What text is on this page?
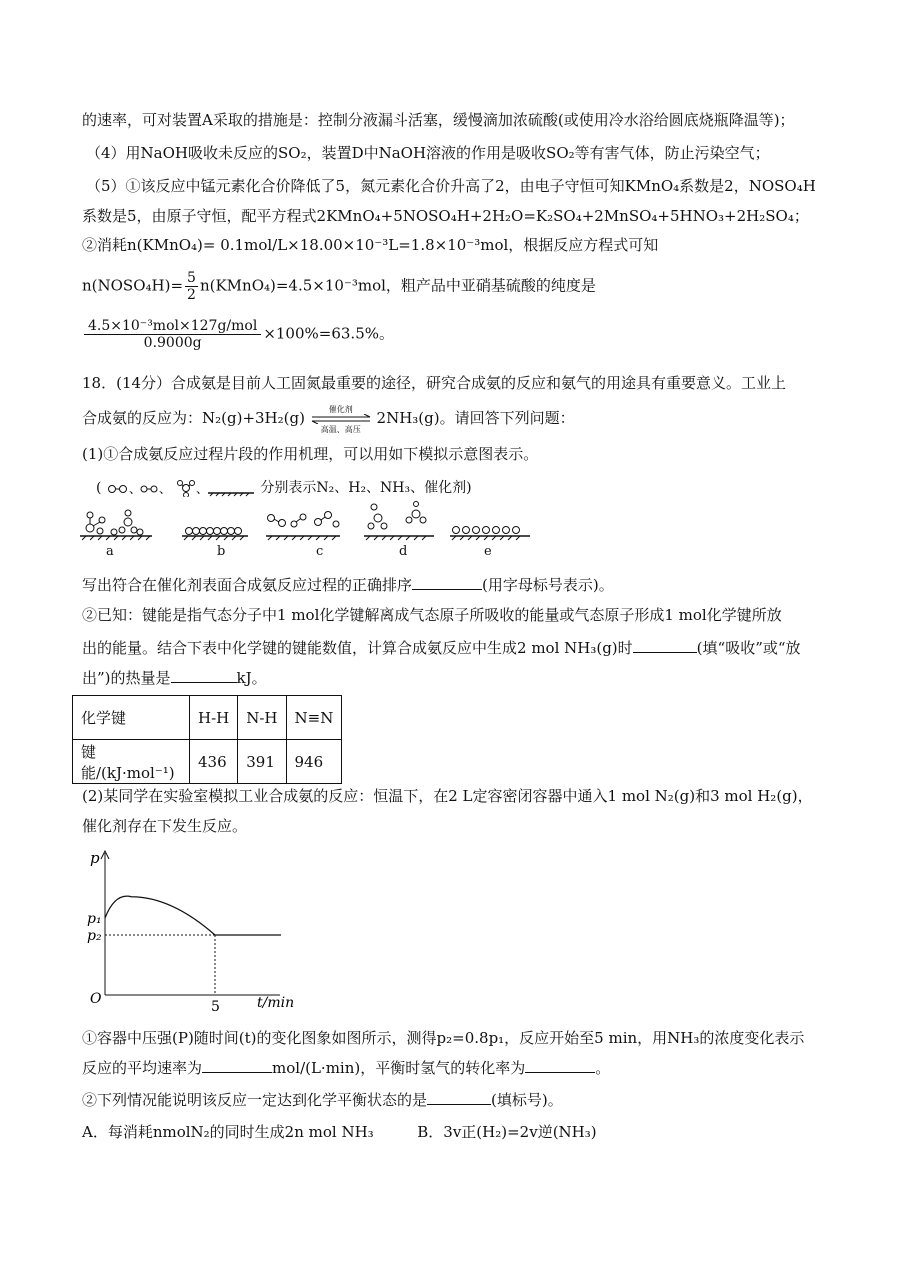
的速率，可对装置A采取的措施是：控制分液漏斗活塞，缓慢滴加浓硫酸(或使用冷水浴给圆底烧瓶降温等)；
（4）用NaOH吸收未反应的SO₂，装置D中NaOH溶液的作用是吸收SO₂等有害气体，防止污染空气；
（5）①该反应中锰元素化合价降低了5，氮元素化合价升高了2，由电子守恒可知KMnO₄系数是2，NOSO₄H
系数是5，由原子守恒，配平方程式2KMnO₄+5NOSO₄H+2H₂O=K₂SO₄+2MnSO₄+5HNO₃+2H₂SO₄；
②消耗n(KMnO₄)= 0.1mol/L×18.00×10⁻³L=1.8×10⁻³mol，根据反应方程式可知
n(NOSO₄H)= $\frac{5}{2}$ n(KMnO₄)=4.5×10⁻³mol，粗产品中亚硝基硫酸的纯度是
$\frac{\text{4.5×10⁻³mol×127g/mol}}{0.9000g} \times 100\%=63.5\%$。
18．(14分）合成氨是目前人工固氮最重要的途径，研究合成氨的反应和氨气的用途具有重要意义。工业上
合成氨的反应为：N₂(g)+3H₂(g)	催化剂
高温、高压
2NH₃(g)。请回答下列问题：
(1)①合成氨反应过程片段的作用机理，可以用如下模拟示意图表示。
( 、 、 、	分别表示N₂、H₂、NH₃、催化剂)
a	b	c	d	e
写出符合在催化剂表面合成氨反应过程的正确排序	(用字母标号表示)。
②已知：键能是指气态分子中1 mol化学键解离成气态原子所吸收的能量或气态原子形成1 mol化学键所放
出的能量。结合下表中化学键的键能数值，计算合成氨反应中生成2 mol NH₃(g)时	(填“吸收”或“放
出”)的热量是	kJ。
化学键	H-H	N-H	N≡N
键能/(kJ·mol⁻¹)	436	391	946
(2)某同学在实验室模拟工业合成氨的反应：恒温下，在2 L定容密闭容器中通入1 mol N₂(g)和3 mol H₂(g)，
催化剂存在下发生反应。
p
O	t/min
p₁
p₂
5
①容器中压强(P)随时间(t)的变化图象如图所示，测得p₂=0.8p₁，反应开始至5 min，用NH₃的浓度变化表示
反应的平均速率为	mol/(L·min)，平衡时氢气的转化率为	。
②下列情况能说明该反应一定达到化学平衡状态的是	(填标号)。
A．每消耗nmolN₂的同时生成2n mol NH₃	B．3v正(H₂)=2v逆(NH₃)
